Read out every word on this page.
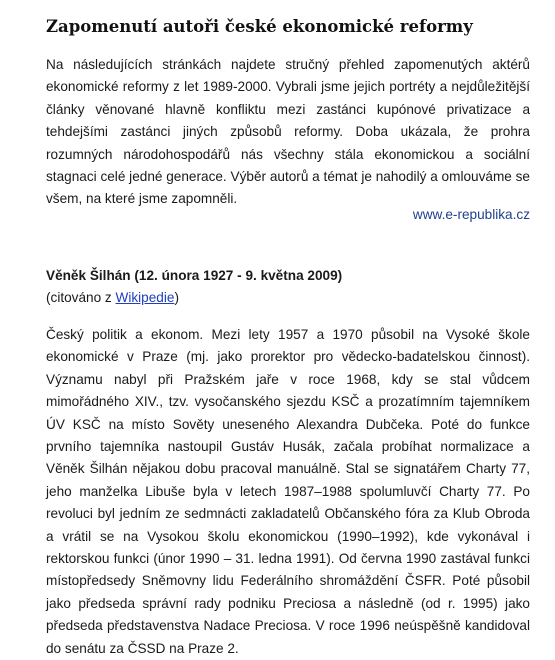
Zapomenutí autoři české ekonomické reformy

Na následujících stránkách najdete stručný přehled zapomenutých aktérů ekonomické reformy z let 1989-2000. Vybrali jsme jejich portréty a nejdůležitější články věnované hlavně konfliktu mezi zastánci kupónové privatizace a tehdejšími zastánci jiných způsobů reformy. Doba ukázala, že prohra rozumných národohospodářů nás všechny stála ekonomickou a sociální stagnaci celé jedné generace. Výběr autorů a témat je nahodilý a omlouváme se všem, na které jsme zapomněli.

www.e-republika.cz
Věněk Šilhán (12. února 1927 - 9. května 2009)
(citováno z Wikipedie)

Český politik a ekonom. Mezi lety 1957 a 1970 působil na Vysoké škole ekonomické v Praze (mj. jako prorektor pro vědecko-badatelskou činnost). Významu nabyl při Pražském jaře v roce 1968, kdy se stal vůdcem mimořádného XIV., tzv. vysočanského sjezdu KSČ a prozatímním tajemníkem ÚV KSČ na místo Sověty uneseného Alexandra Dubčeka. Poté do funkce prvního tajemníka nastoupil Gustáv Husák, začala probíhat normalizace a Věněk Šilhán nějakou dobu pracoval manuálně. Stal se signatářem Charty 77, jeho manželka Libuše byla v letech 1987–1988 spolumluvčí Charty 77. Po revoluci byl jedním ze sedmnácti zakladatelů Občanského fóra za Klub Obroda a vrátil se na Vysokou školu ekonomickou (1990–1992), kde vykonával i rektorskou funkci (únor 1990 – 31. ledna 1991). Od června 1990 zastával funkci místopředsedy Sněmovny lidu Federálního shromáždění ČSFR. Poté působil jako předseda správní rady podniku Preciosa a následně (od r. 1995) jako předseda představenstva Nadace Preciosa. V roce 1996 neúspěšně kandidoval do senátu za ČSSD na Praze 2.
